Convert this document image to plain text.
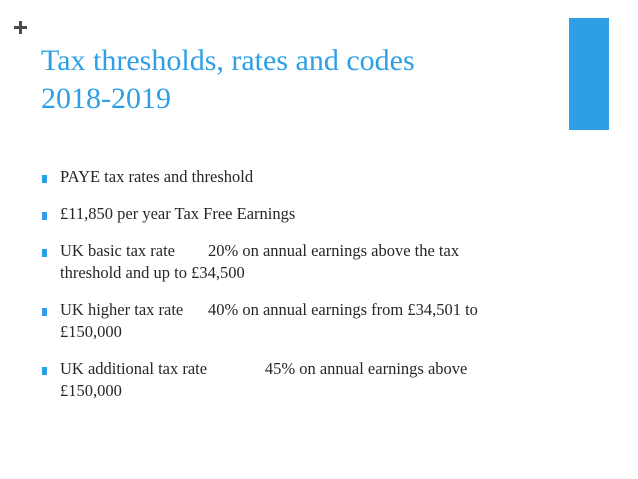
Tax thresholds, rates and codes
2018-2019
PAYE tax rates and threshold
£11,850 per year Tax Free Earnings
UK basic tax rate        20% on annual earnings above the tax
threshold and up to £34,500
UK higher tax rate      40% on annual earnings from £34,501 to
£150,000
UK additional tax rate              45% on annual earnings above
£150,000
